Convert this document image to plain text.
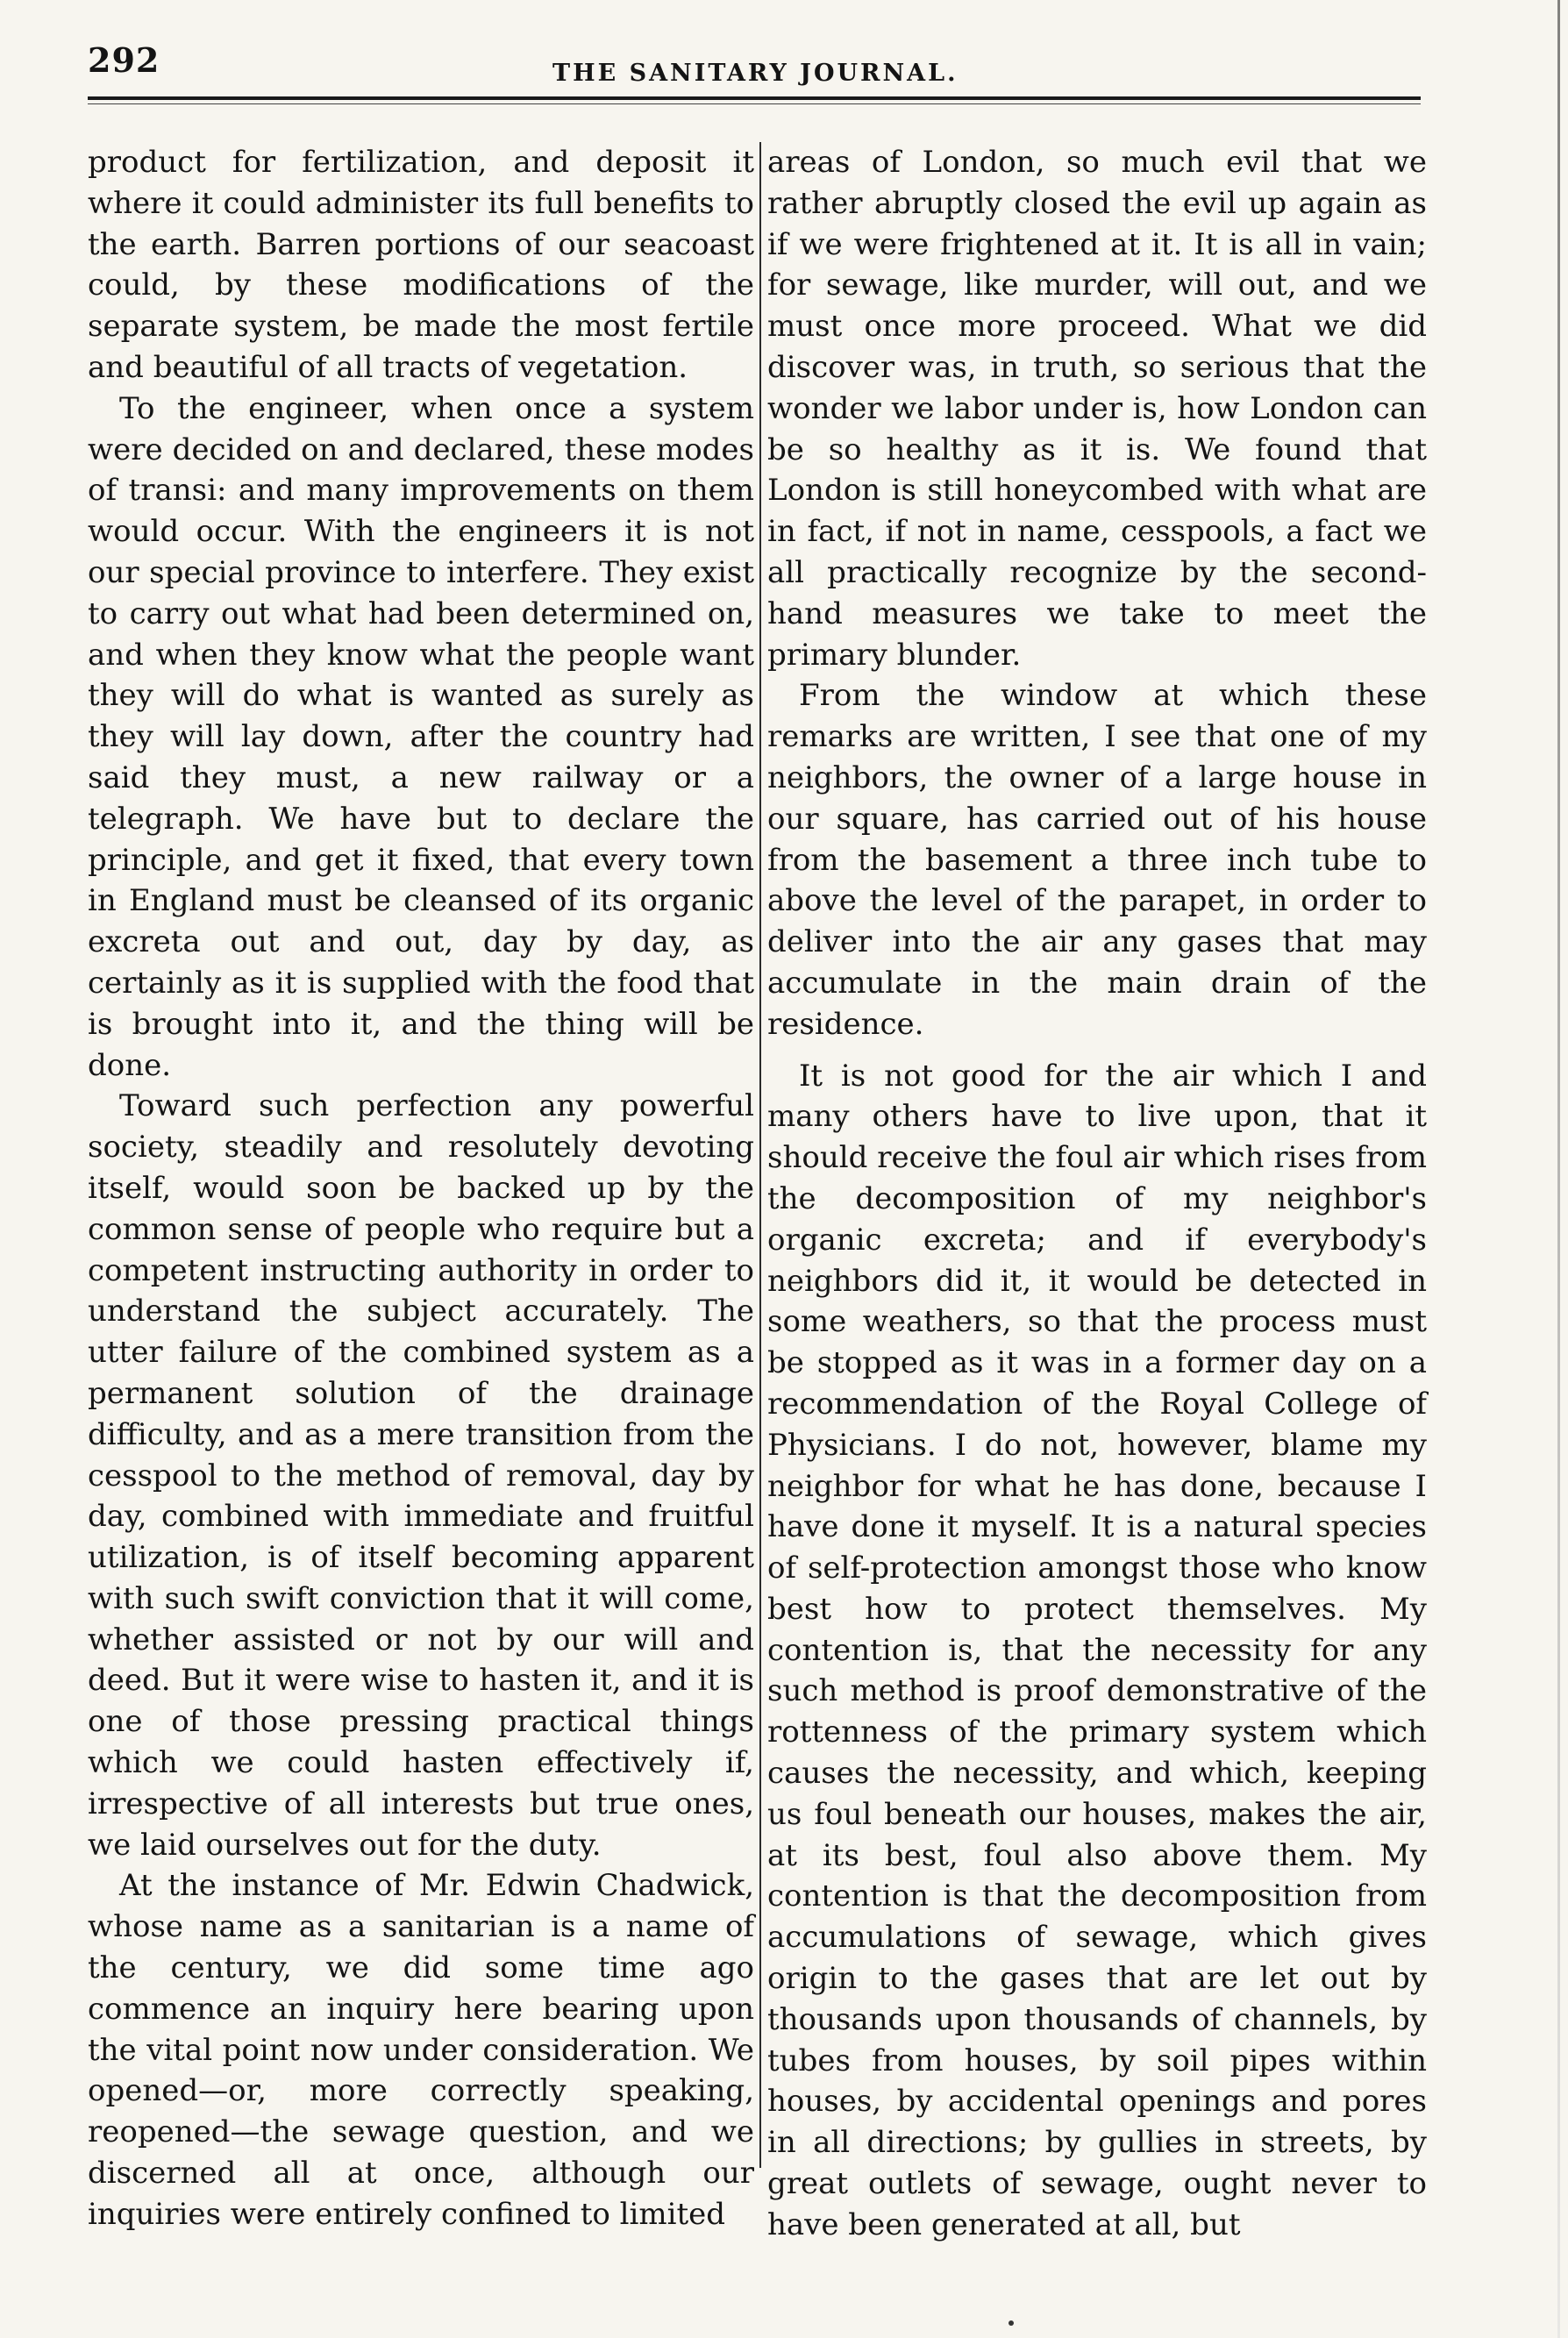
292	THE SANITARY JOURNAL.

product for fertilization, and deposit it where it could administer its full benefits to the earth. Barren portions of our seacoast could, by these modifications of the separate system, be made the most fertile and beautiful of all tracts of vegetation.

To the engineer, when once a system were decided on and declared, these modes of transi: and many improvements on them would occur. With the engineers it is not our special province to interfere. They exist to carry out what had been determined on, and when they know what the people want they will do what is wanted as surely as they will lay down, after the country had said they must, a new railway or a telegraph. We have but to declare the principle, and get it fixed, that every town in England must be cleansed of its organic excreta out and out, day by day, as certainly as it is supplied with the food that is brought into it, and the thing will be done.

Toward such perfection any powerful society, steadily and resolutely devoting itself, would soon be backed up by the common sense of people who require but a competent instructing authority in order to understand the subject accurately. The utter failure of the combined system as a permanent solution of the drainage difficulty, and as a mere transition from the cesspool to the method of removal, day by day, combined with immediate and fruitful utilization, is of itself becoming apparent with such swift conviction that it will come, whether assisted or not by our will and deed. But it were wise to hasten it, and it is one of those pressing practical things which we could hasten effectively if, irrespective of all interests but true ones, we laid ourselves out for the duty.

At the instance of Mr. Edwin Chadwick, whose name as a sanitarian is a name of the century, we did some time ago commence an inquiry here bearing upon the vital point now under consideration. We opened—or, more correctly speaking, reopened—the sewage question, and we discerned all at once, although our inquiries were entirely confined to limited

areas of London, so much evil that we rather abruptly closed the evil up again as if we were frightened at it. It is all in vain; for sewage, like murder, will out, and we must once more proceed. What we did discover was, in truth, so serious that the wonder we labor under is, how London can be so healthy as it is. We found that London is still honeycombed with what are in fact, if not in name, cesspools, a fact we all practically recognize by the second-hand measures we take to meet the primary blunder.

From the window at which these remarks are written, I see that one of my neighbors, the owner of a large house in our square, has carried out of his house from the basement a three inch tube to above the level of the parapet, in order to deliver into the air any gases that may accumulate in the main drain of the residence.

It is not good for the air which I and many others have to live upon, that it should receive the foul air which rises from the decomposition of my neighbor's organic excreta; and if everybody's neighbors did it, it would be detected in some weathers, so that the process must be stopped as it was in a former day on a recommendation of the Royal College of Physicians. I do not, however, blame my neighbor for what he has done, because I have done it myself. It is a natural species of self-protection amongst those who know best how to protect themselves. My contention is, that the necessity for any such method is proof demonstrative of the rottenness of the primary system which causes the necessity, and which, keeping us foul beneath our houses, makes the air, at its best, foul also above them. My contention is that the decomposition from accumulations of sewage, which gives origin to the gases that are let out by thousands upon thousands of channels, by tubes from houses, by soil pipes within houses, by accidental openings and pores in all directions; by gullies in streets, by great outlets of sewage, ought never to have been generated at all, but
